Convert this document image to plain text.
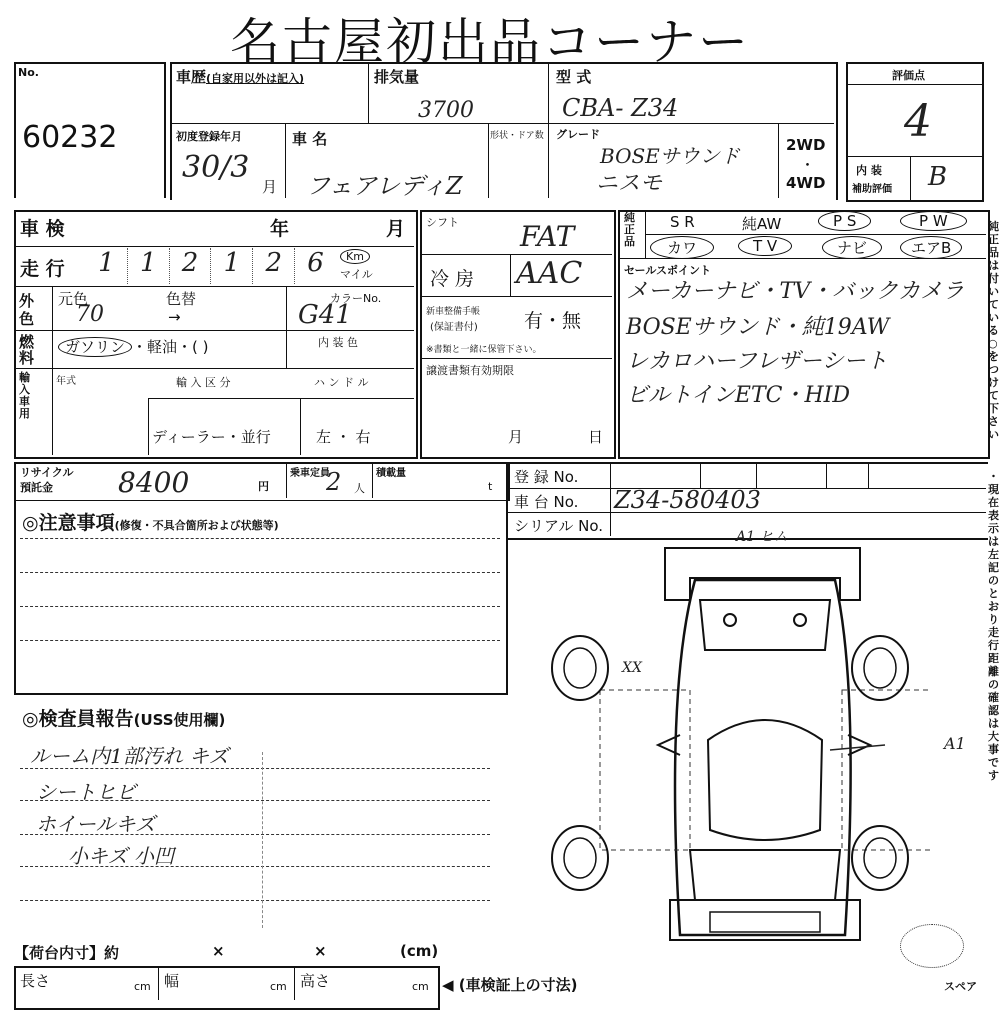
名古屋初出品コーナー
No.
60232
車歴(自家用以外は記入)	排気量
3700
型 式
CBA- Z34
初度登録年月
30/3
月
車 名
フェアレディZ
形状・ドア数 グレード
BOSEサウンド
ニスモ
2WD
・
4WD
評価点
4
内 装
補助評価 B
車 検	年	月
走 行	1 1 2 1 2 6	Km
マイル
外色
元色
70
色替
→
カラーNo.
G41
内 装 色
燃料
ガソリン ・軽油・( )
輸入車用
年式	輸 入 区 分
ディーラー・並行
ハ ン ド ル
左 ・ 右
シフト FAT
冷 房 AAC
新車整備手帳
(保証書付) 有・無
※書類と一緒に保管下さい。
譲渡書類有効期限
月	日
純正品
S R	純AW	P S	P W
カワ	T V	ナビ	エアB
セールスポイント
メーカーナビ・TV・バックカメラ
BOSEサウンド・純19AW
レカロハーフレザーシート
ビルトインETC・HID
純正品は付いている○をつけて下さい
・現在表示は左記のとおり走行距離の確認は大事です
リサイクル
預託金 8400	円
乗車定員
2 人
積載量
t
登 録 No.
車 台 No. Z34-580403
シリアル No.
◎注意事項(修復・不具合箇所および状態等)
◎検査員報告(USS使用欄)
ルーム内1部汚れ キズ
シートヒビ
ホイールキズ
小キズ 小凹
A1 ヒム
XX
A1
【荷台内寸】約	×	×	(cm)
長さ	cm 幅	cm 高さ	cm ◀ (車検証上の寸法)	スペア
